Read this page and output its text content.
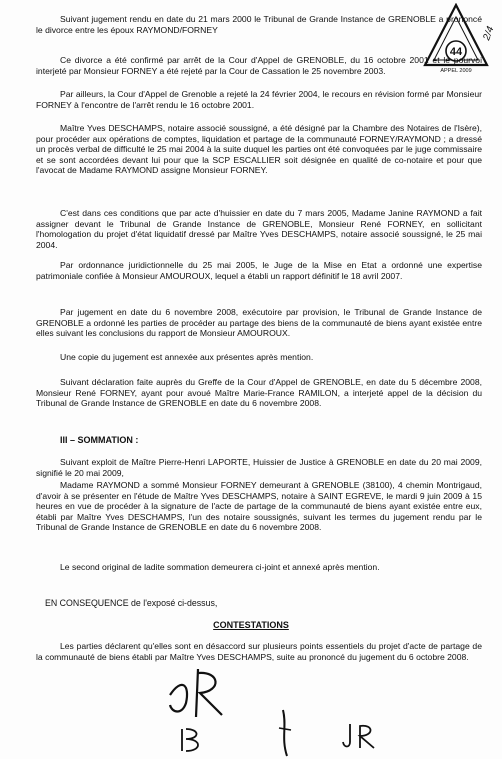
44
APPEL 2009
2/4

Suivant jugement rendu en date du 21 mars 2000 le Tribunal de Grande Instance de GRENOBLE a prononcé le divorce entre les époux RAYMOND/FORNEY

Ce divorce a été confirmé par arrêt de la Cour d'Appel de GRENOBLE, du 16 octobre 2001 et le pourvoi interjeté par Monsieur FORNEY a été rejeté par la Cour de Cassation le 25 novembre 2003.

Par ailleurs, la Cour d'Appel de Grenoble a rejeté la 24 février 2004, le recours en révision formé par Monsieur FORNEY à l'encontre de l'arrêt rendu le 16 octobre 2001.

Maître Yves DESCHAMPS, notaire associé soussigné, a été désigné par la Chambre des Notaires de l'Isère), pour procéder aux opérations de comptes, liquidation et partage de la communauté FORNEY/RAYMOND ; a dressé un procès verbal de difficulté le 25 mai 2004 à la suite duquel les parties ont été convoquées par le juge commissaire et se sont accordées devant lui pour que la SCP ESCALLIER soit désignée en qualité de co-notaire et pour que l'avocat de Madame RAYMOND assigne Monsieur FORNEY.

C'est dans ces conditions que par acte d'huissier en date du 7 mars 2005, Madame Janine RAYMOND a fait assigner devant le Tribunal de Grande Instance de GRENOBLE, Monsieur René FORNEY, en sollicitant l'homologation du projet d'état liquidatif dressé par Maître Yves DESCHAMPS, notaire associé soussigné, le 25 mai 2004.

Par ordonnance juridictionnelle du 25 mai 2005, le Juge de la Mise en Etat a ordonné une expertise patrimoniale confiée à Monsieur AMOUROUX, lequel a établi un rapport définitif le 18 avril 2007.

Par jugement en date du 6 novembre 2008, exécutoire par provision, le Tribunal de Grande Instance de GRENOBLE a ordonné les parties de procéder au partage des biens de la communauté de biens ayant existée entre elles suivant les conclusions du rapport de Monsieur AMOUROUX.

Une copie du jugement est annexée aux présentes après mention.

Suivant déclaration faite auprès du Greffe de la Cour d'Appel de GRENOBLE, en date du 5 décembre 2008, Monsieur René FORNEY, ayant pour avoué Maître Marie-France RAMILON, a interjeté appel de la décision du Tribunal de Grande Instance de GRENOBLE en date du 6 novembre 2008.

III – SOMMATION :

Suivant exploit de Maître Pierre-Henri LAPORTE, Huissier de Justice à GRENOBLE en date du 20 mai 2009, signifié le 20 mai 2009,

Madame RAYMOND a sommé Monsieur FORNEY demeurant à GRENOBLE (38100), 4 chemin Montrigaud, d'avoir à se présenter en l'étude de Maître Yves DESCHAMPS, notaire à SAINT EGREVE, le mardi 9 juin 2009 à 15 heures en vue de procéder à la signature de l'acte de partage de la communauté de biens ayant existée entre eux, établi par Maître Yves DESCHAMPS, l'un des notaire soussignés, suivant les termes du jugement rendu par le Tribunal de Grande Instance de GRENOBLE en date du 6 novembre 2008.

Le second original de ladite sommation demeurera ci-joint et annexé après mention.

EN CONSEQUENCE de l'exposé ci-dessus,
CONTESTATIONS

Les parties déclarent qu'elles sont en désaccord sur plusieurs points essentiels du projet d'acte de partage de la communauté de biens établi par Maître Yves DESCHAMPS, suite au prononcé du jugement du 6 octobre 2008.
